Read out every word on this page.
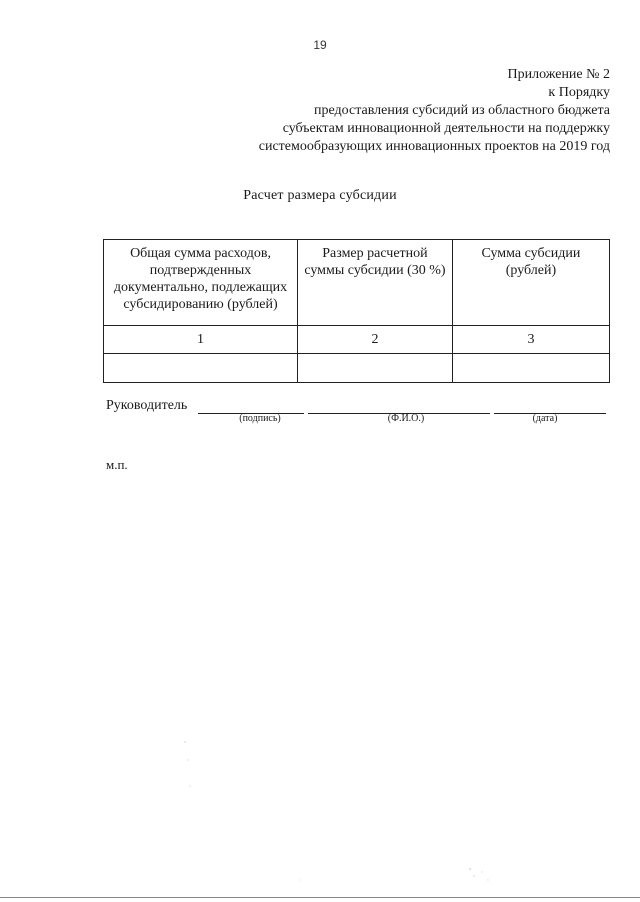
19
Приложение № 2
к Порядку
предоставления субсидий из областного бюджета
субъектам инновационной деятельности на поддержку
системообразующих инновационных проектов на 2019 год
Расчет размера субсидии
Общая сумма расходов, подтвержденных документально, подлежащих субсидированию (рублей)	Размер расчетной суммы субсидии (30 %)	Сумма субсидии (рублей)
1	2	3

Руководитель
(подпись)	(Ф.И.О.)	(дата)
м.п.
